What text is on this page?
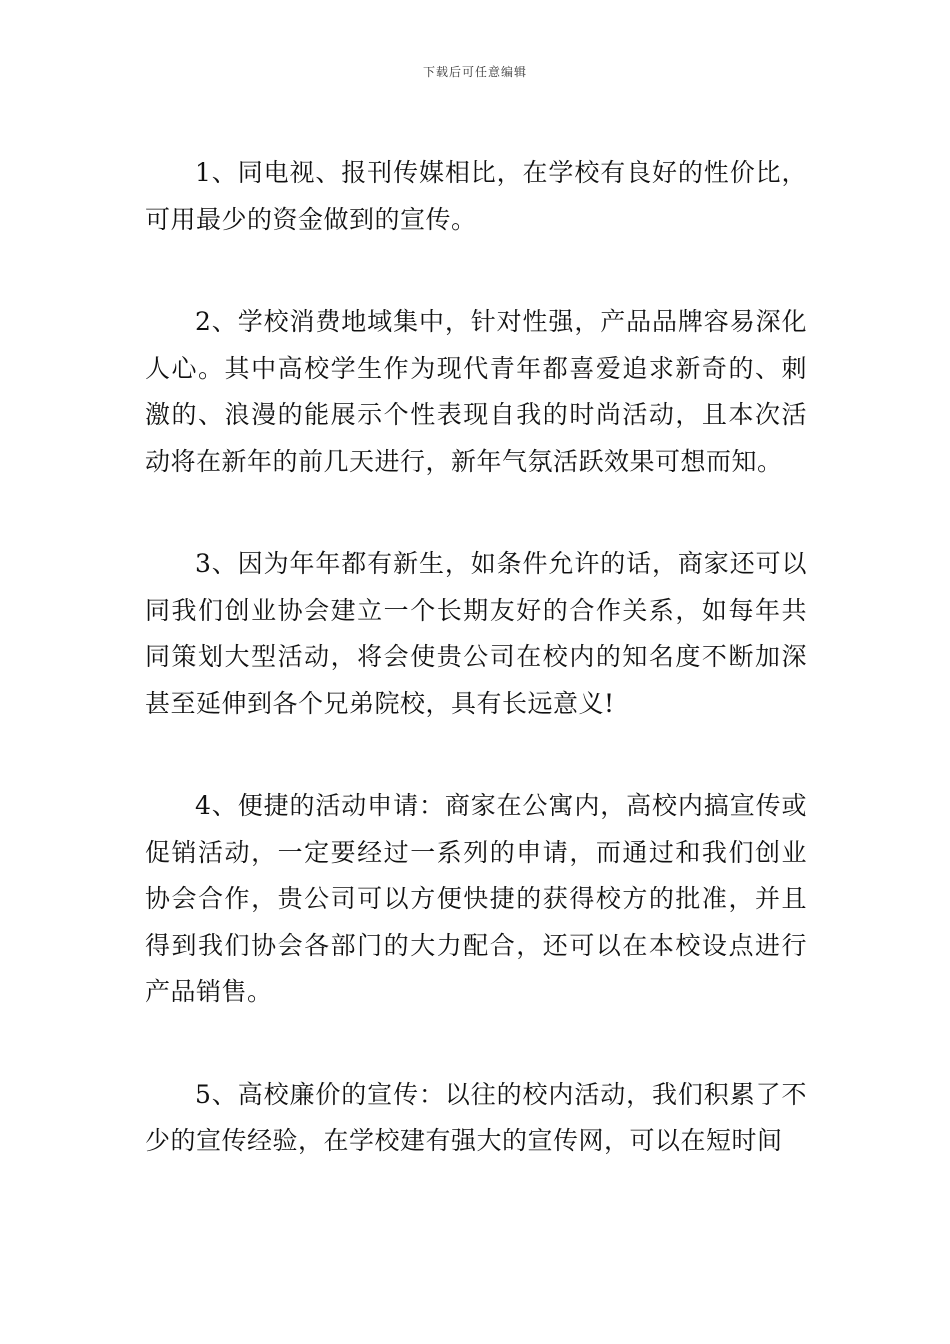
下载后可任意编辑

1、同电视、报刊传媒相比，在学校有良好的性价比，可用最少的资金做到的宣传。

2、学校消费地域集中，针对性强，产品品牌容易深化人心。其中高校学生作为现代青年都喜爱追求新奇的、刺激的、浪漫的能展示个性表现自我的时尚活动，且本次活动将在新年的前几天进行，新年气氛活跃效果可想而知。

3、因为年年都有新生，如条件允许的话，商家还可以同我们创业协会建立一个长期友好的合作关系，如每年共同策划大型活动，将会使贵公司在校内的知名度不断加深甚至延伸到各个兄弟院校，具有长远意义!

4、便捷的活动申请：商家在公寓内，高校内搞宣传或促销活动，一定要经过一系列的申请，而通过和我们创业协会合作，贵公司可以方便快捷的获得校方的批准，并且得到我们协会各部门的大力配合，还可以在本校设点进行产品销售。

5、高校廉价的宣传：以往的校内活动，我们积累了不少的宣传经验，在学校建有强大的宣传网，可以在短时间
